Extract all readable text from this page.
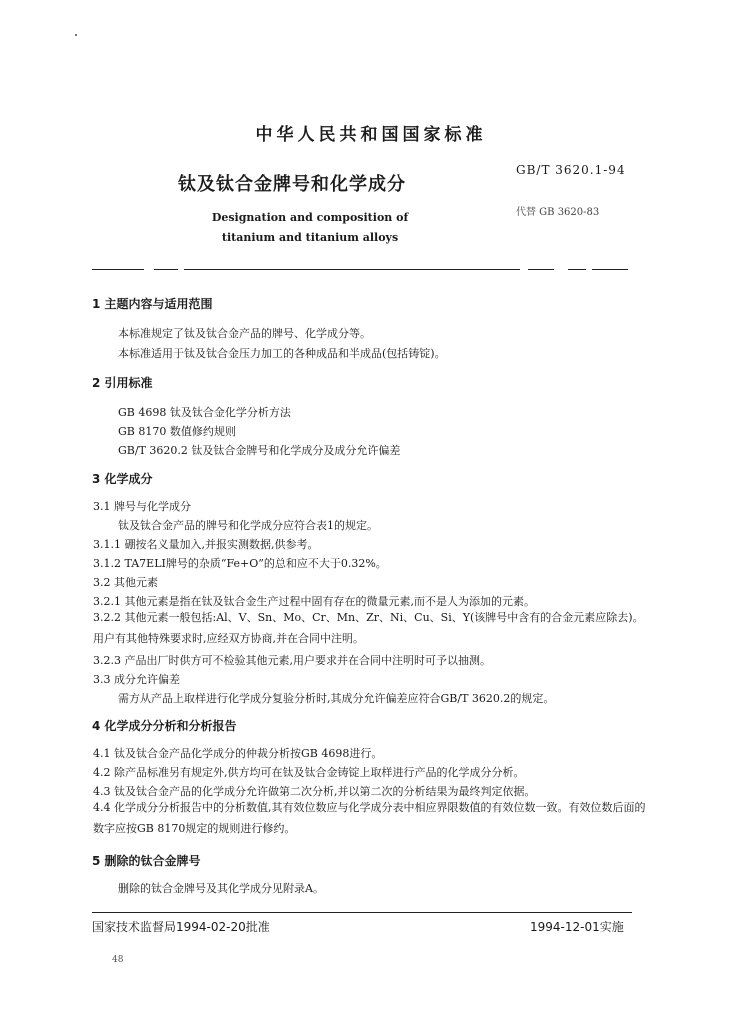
中华人民共和国国家标准
钛及钛合金牌号和化学成分
GB/T 3620.1-94
代替 GB 3620-83
Designation and composition of
titanium and titanium alloys
1 主题内容与适用范围
本标准规定了钛及钛合金产品的牌号、化学成分等。
本标准适用于钛及钛合金压力加工的各种成品和半成品(包括铸锭)。
2 引用标准
GB 4698 钛及钛合金化学分析方法
GB 8170 数值修约规则
GB/T 3620.2 钛及钛合金牌号和化学成分及成分允许偏差
3 化学成分
3.1 牌号与化学成分
钛及钛合金产品的牌号和化学成分应符合表1的规定。
3.1.1 硼按名义量加入,并报实测数据,供参考。
3.1.2 TA7ELI牌号的杂质“Fe+O”的总和应不大于0.32%。
3.2 其他元素
3.2.1 其他元素是指在钛及钛合金生产过程中固有存在的微量元素,而不是人为添加的元素。
3.2.2 其他元素一般包括:Al、V、Sn、Mo、Cr、Mn、Zr、Ni、Cu、Si、Y(该牌号中含有的合金元素应除去)。用户有其他特殊要求时,应经双方协商,并在合同中注明。
3.2.3 产品出厂时供方可不检验其他元素,用户要求并在合同中注明时可予以抽测。
3.3 成分允许偏差
需方从产品上取样进行化学成分复验分析时,其成分允许偏差应符合GB/T 3620.2的规定。
4 化学成分分析和分析报告
4.1 钛及钛合金产品化学成分的仲裁分析按GB 4698进行。
4.2 除产品标准另有规定外,供方均可在钛及钛合金铸锭上取样进行产品的化学成分分析。
4.3 钛及钛合金产品的化学成分允许做第二次分析,并以第二次的分析结果为最终判定依据。
4.4 化学成分分析报告中的分析数值,其有效位数应与化学成分表中相应界限数值的有效位数一致。有效位数后面的数字应按GB 8170规定的规则进行修约。
5 删除的钛合金牌号
删除的钛合金牌号及其化学成分见附录A。
国家技术监督局1994-02-20批准	1994-12-01实施
48
